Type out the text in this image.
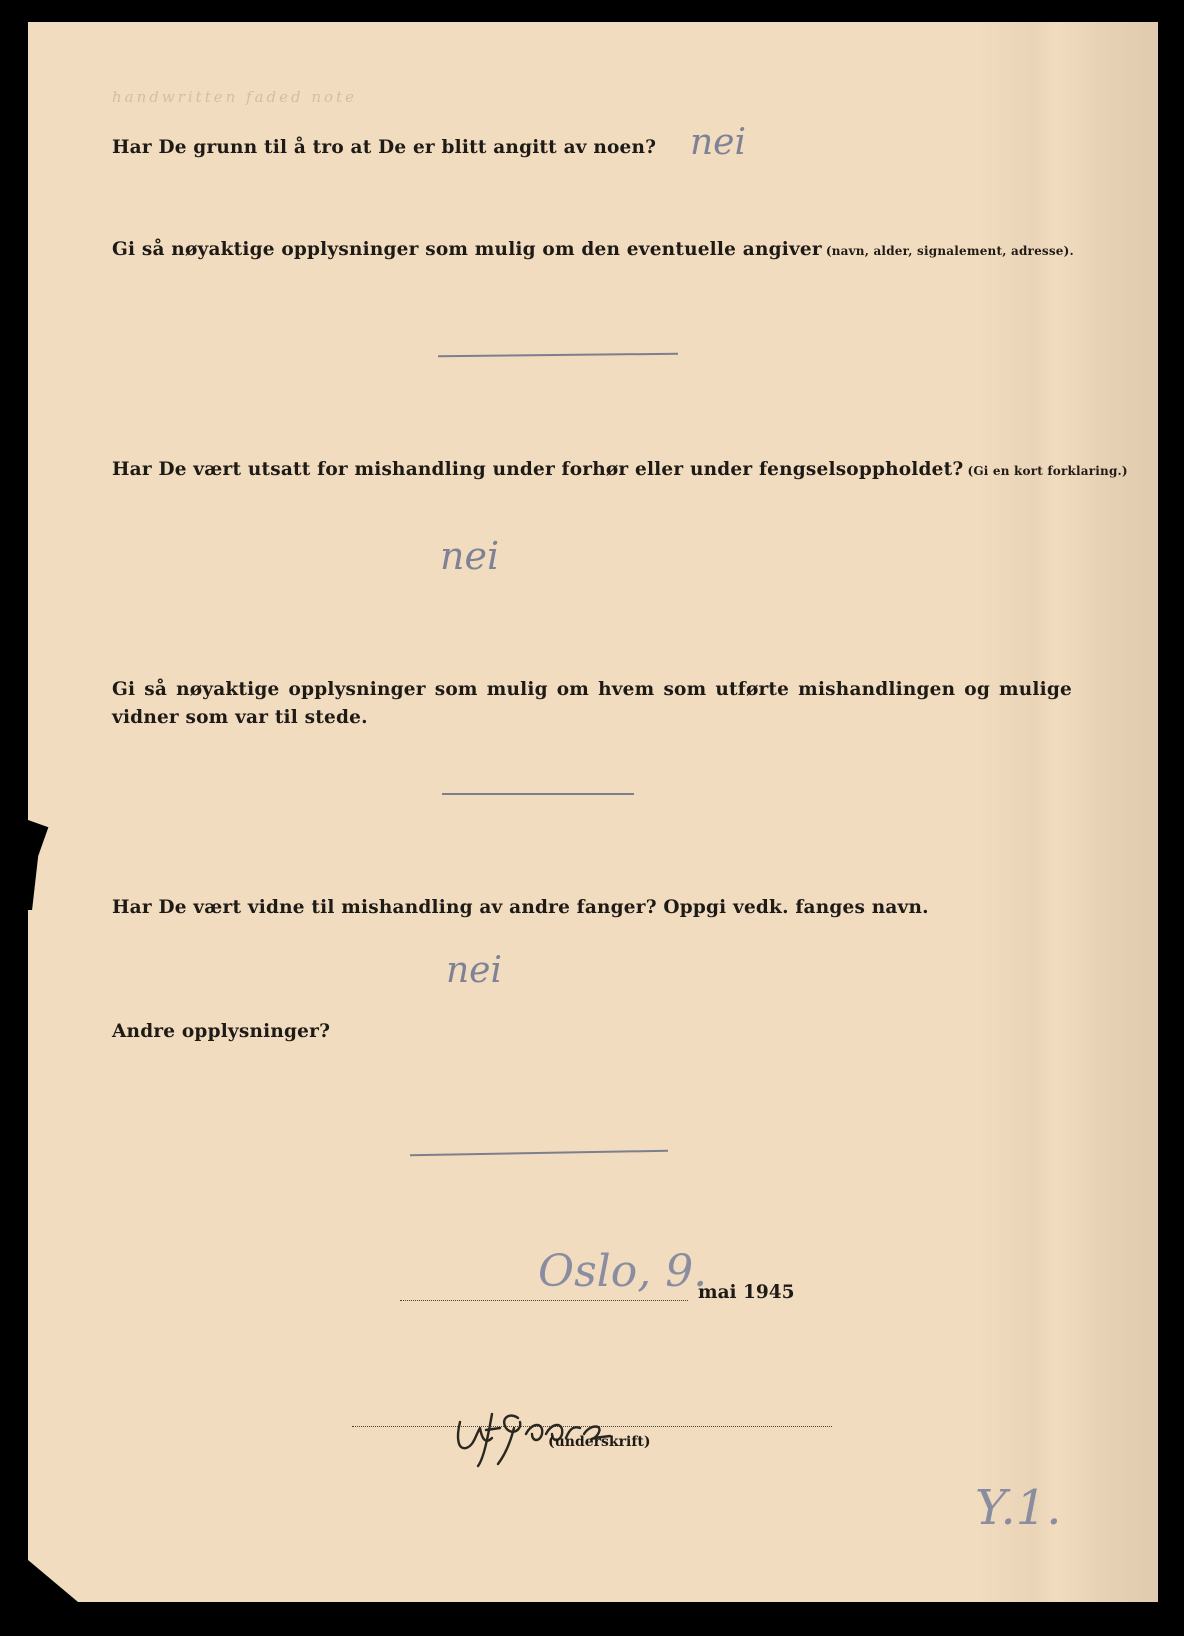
handwritten faded note

Har De grunn til å tro at De er blitt angitt av noen? nei

Gi så nøyaktige opplysninger som mulig om den eventuelle angiver (navn, alder, signalement, adresse).

Har De vært utsatt for mishandling under forhør eller under fengselsoppholdet? (Gi en kort forklaring.)

nei

Gi så nøyaktige opplysninger som mulig om hvem som utførte mishandlingen og mulige vidner som var til stede.

Har De vært vidne til mishandling av andre fanger? Oppgi vedk. fanges navn.

nei

Andre opplysninger?

Oslo, 9.
mai 1945
(underskrift)
Y.1.
